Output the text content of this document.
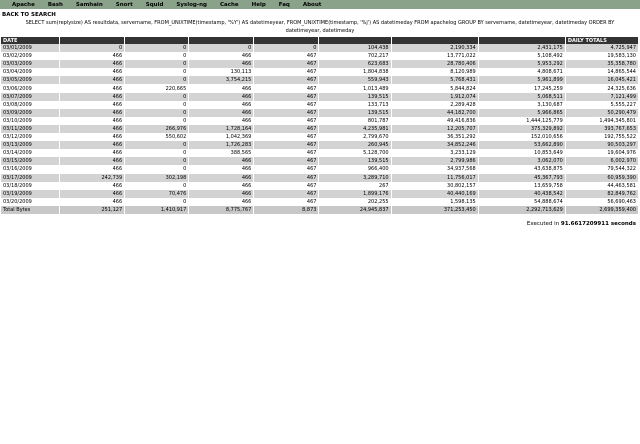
Apache Bash Samhain Snort Squid Syslog-ng Cache Help Faq About
BACK TO SEARCH
SELECT sum(replysize) AS resultdata, servername, FROM_UNIXTIME(timestamp, '%Y') AS datetimeyear, FROM_UNIXTIME(timestamp, '%j') AS datetimeday FROM apachelog GROUP BY servername, datetimeyear, datetimeday ORDER BY datetimeyear, datetimeday
DATE								DAILY TOTALS
03/01/2009	0	0	0	0	104,438	2,190,334	2,431,175	4,725,947
03/02/2009	466	0	466	467	702,217	13,771,022	5,108,492	19,583,130
03/03/2009	466	0	466	467	623,683	28,780,406	5,953,292	35,358,780
03/04/2009	466	0	130,113	467	1,804,838	8,120,989	4,808,671	14,865,544
03/05/2009	466	0	3,754,215	467	559,943	5,768,431	5,961,899	16,045,421
03/06/2009	466	220,665	466	467	1,013,489	5,844,824	17,245,259	24,325,636
03/07/2009	466	0	466	467	139,515	1,912,074	5,068,511	7,121,499
03/08/2009	466	0	466	467	133,713	2,289,428	3,130,687	5,555,227
03/09/2009	466	0	466	467	139,515	44,182,700	5,966,865	50,290,479
03/10/2009	466	0	466	467	801,787	49,416,836	1,444,125,779	1,494,345,801
03/11/2009	466	266,976	1,728,164	467	4,235,981	12,205,707	375,329,892	393,767,653
03/12/2009	466	550,602	1,042,369	467	2,799,670	36,351,292	152,010,656	192,755,522
03/13/2009	466	0	1,726,283	467	260,945	34,852,246	53,662,890	90,503,297
03/14/2009	466	0	388,565	467	5,128,700	3,233,129	10,853,649	19,604,976
03/15/2009	466	0	466	467	139,515	2,799,986	3,062,070	6,002,970
03/16/2009	466	0	466	467	966,400	34,937,568	43,638,875	79,544,322
03/17/2009	242,739	302,198	466	467	3,289,710	11,756,017	45,367,793	60,959,390
03/18/2009	466	0	466	467	267	30,802,157	13,659,758	44,463,581
03/19/2009	466	70,476	466	467	1,899,176	40,440,169	40,438,542	82,849,762
03/20/2009	466	0	466	467	202,255	1,598,135	54,888,674	56,690,463
Total Bytes	251,127	1,410,917	8,775,767	8,873	24,945,837	371,253,450	2,292,713,629	2,699,359,400
Executed in 91.6617209911 seconds
